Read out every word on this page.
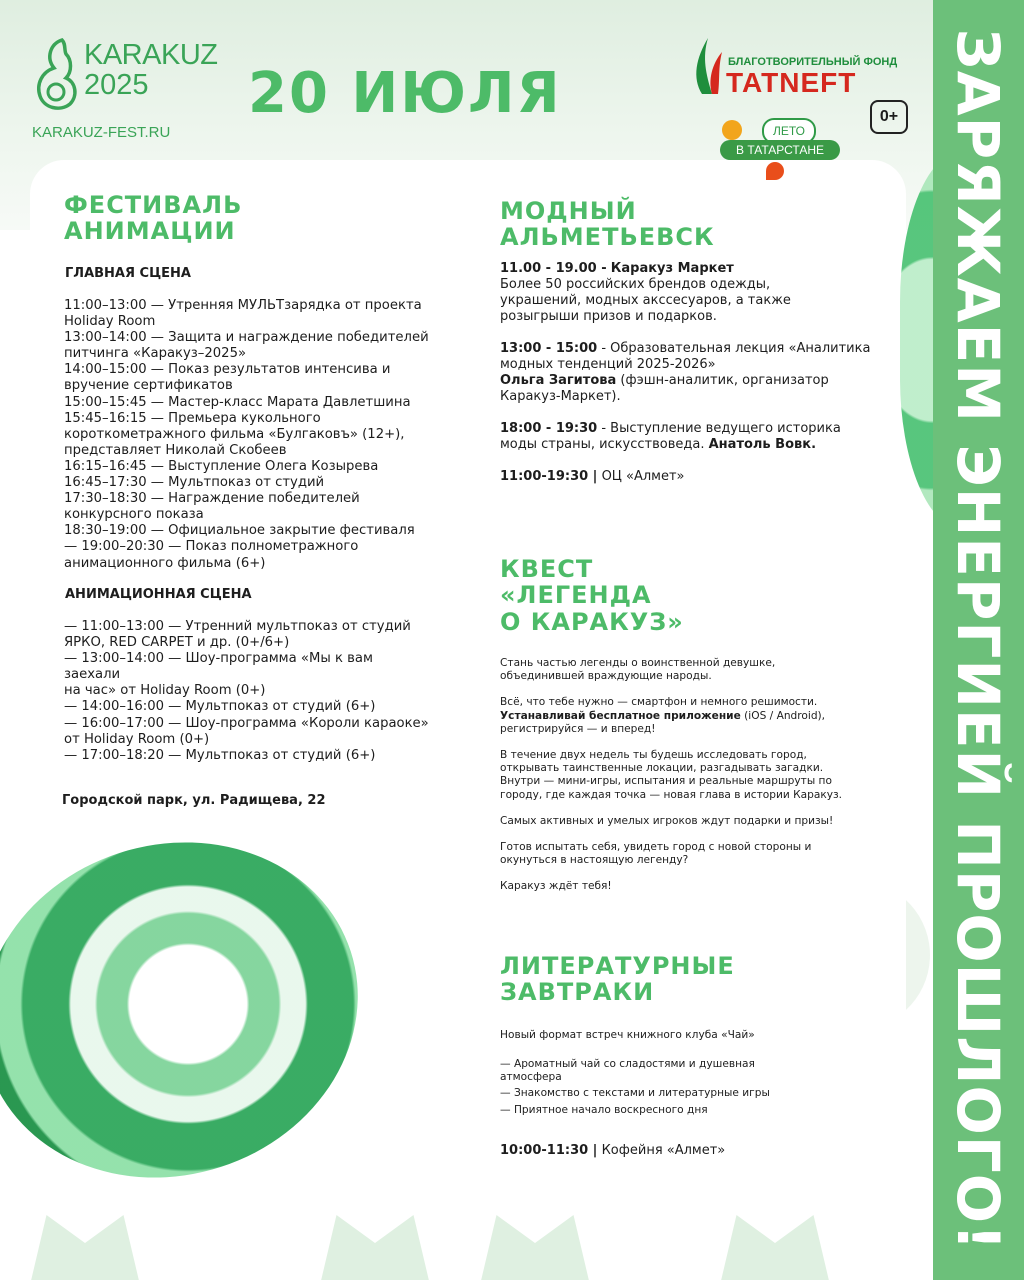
ЗАРЯЖАЕМ ЭНЕРГИЕЙ ПРОШЛОГО!
KARAKUZ
2025
KARAKUZ-FEST.RU
20 ИЮЛЯ	БЛАГОТВОРИТЕЛЬНЫЙ ФОНД
TATNEFT
0+
ЛЕТО
В ТАТАРСТАНЕ
ФЕСТИВАЛЬ
АНИМАЦИИ
ГЛАВНАЯ СЦЕНА
11:00–13:00 — Утренняя МУЛЬТзарядка от проекта
Holiday Room
13:00–14:00 — Защита и награждение победителей
питчинга «Каракуз–2025»
14:00–15:00 — Показ результатов интенсива и
вручение сертификатов
15:00–15:45 — Мастер-класс Марата Давлетшина
15:45–16:15 — Премьера кукольного
короткометражного фильма «Булгаковъ» (12+),
представляет Николай Скобеев
16:15–16:45 — Выступление Олега Козырева
16:45–17:30 — Мультпоказ от студий
17:30–18:30 — Награждение победителей
конкурсного показа
18:30–19:00 — Официальное закрытие фестиваля
— 19:00–20:30 — Показ полнометражного
анимационного фильма (6+)
АНИМАЦИОННАЯ СЦЕНА
— 11:00–13:00 — Утренний мультпоказ от студий
ЯРКО, RED CARPET и др. (0+/6+)
— 13:00–14:00 — Шоу-программа «Мы к вам
заехали
на час» от Holiday Room (0+)
— 14:00–16:00 — Мультпоказ от студий (6+)
— 16:00–17:00 — Шоу-программа «Короли караоке»
от Holiday Room (0+)
— 17:00–18:20 — Мультпоказ от студий (6+)
Городской парк, ул. Радищева, 22
МОДНЫЙ
АЛЬМЕТЬЕВСК

11.00 - 19.00 - Каракуз Маркет
Более 50 российских брендов одежды,
украшений, модных акссесуаров, а также
розыгрыши призов и подарков.

13:00 - 15:00 - Образовательная лекция «Аналитика
модных тенденций 2025-2026»
Ольга Загитова (фэшн-аналитик, организатор
Каракуз-Маркет).

18:00 - 19:30 - Выступление ведущего историка
моды страны, искусствоведа. Анатоль Вовк.

11:00-19:30 | ОЦ «Алмет»

КВЕСТ
«ЛЕГЕНДА
О КАРАКУЗ»

Стань частью легенды о воинственной девушке,
объединившей враждующие народы.

Всё, что тебе нужно — смартфон и немного решимости.
Устанавливай бесплатное приложение (iOS / Android),
регистрируйся — и вперед!

В течение двух недель ты будешь исследовать город,
открывать таинственные локации, разгадывать загадки.
Внутри — мини-игры, испытания и реальные маршруты по
городу, где каждая точка — новая глава в истории Каракуз.

Самых активных и умелых игроков ждут подарки и призы!

Готов испытать себя, увидеть город с новой стороны и
окунуться в настоящую легенду?

Каракуз ждёт тебя!

ЛИТЕРАТУРНЫЕ
ЗАВТРАКИ
Новый формат встреч книжного клуба «Чай»
— Ароматный чай со сладостями и душевная
атмосфера
— Знакомство с текстами и литературные игры
— Приятное начало воскресного дня
10:00-11:30 | Кофейня «Алмет»
